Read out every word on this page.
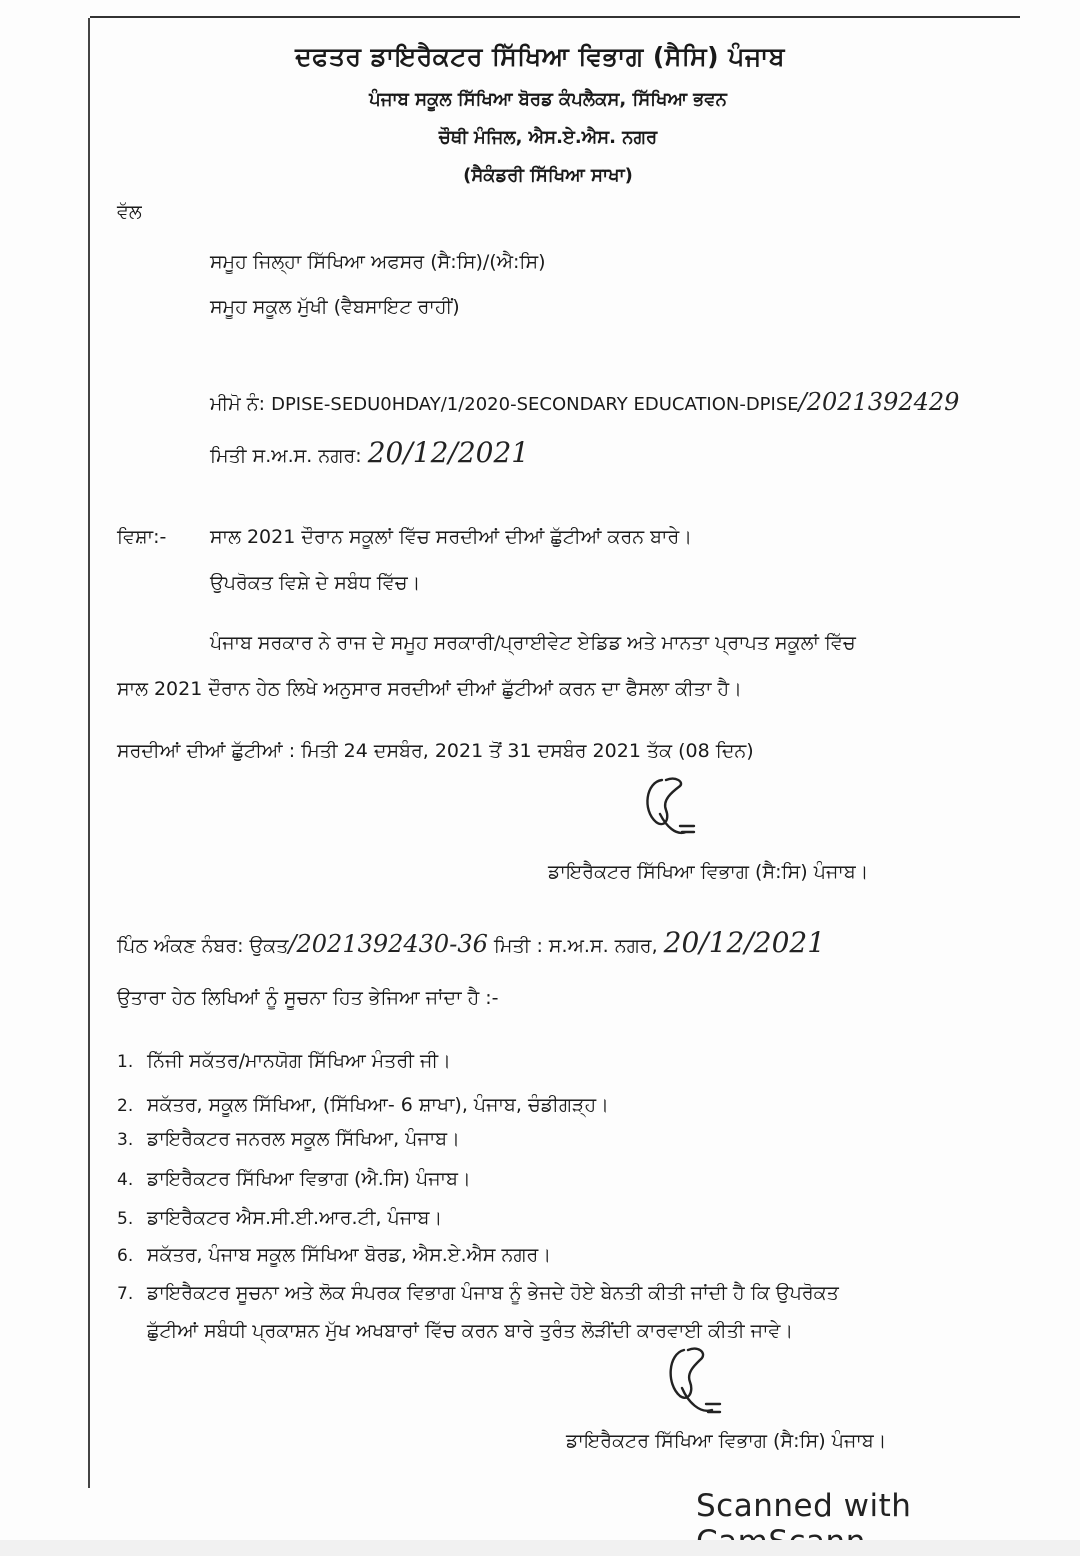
ਦਫਤਰ ਡਾਇਰੈਕਟਰ ਸਿੱਖਿਆ ਵਿਭਾਗ (ਸੈਸਿ) ਪੰਜਾਬ
ਪੰਜਾਬ ਸਕੂਲ ਸਿੱਖਿਆ ਬੋਰਡ ਕੰਪਲੈਕਸ, ਸਿੱਖਿਆ ਭਵਨ
ਚੌਥੀ ਮੰਜਿਲ, ਐਸ.ਏ.ਐਸ. ਨਗਰ
(ਸੈਕੰਡਰੀ ਸਿੱਖਿਆ ਸਾਖਾ)
ਵੱਲ
ਸਮੂਹ ਜਿਲ੍ਹਾ ਸਿੱਖਿਆ ਅਫਸਰ (ਸੈ:ਸਿ)/(ਐ:ਸਿ)
ਸਮੂਹ ਸਕੂਲ ਮੁੱਖੀ (ਵੈਬਸਾਇਟ ਰਾਹੀਂ)
ਮੀਮੋ ਨੰ: DPISE-SEDU0HDAY/1/2020-SECONDARY EDUCATION-DPISE/2021392429
ਮਿਤੀ ਸ.ਅ.ਸ. ਨਗਰ: 20/12/2021
ਵਿਸ਼ਾ:- ਸਾਲ 2021 ਦੌਰਾਨ ਸਕੂਲਾਂ ਵਿੱਚ ਸਰਦੀਆਂ ਦੀਆਂ ਛੁੱਟੀਆਂ ਕਰਨ ਬਾਰੇ।
ਉਪਰੋਕਤ ਵਿਸ਼ੇ ਦੇ ਸਬੰਧ ਵਿੱਚ।
ਪੰਜਾਬ ਸਰਕਾਰ ਨੇ ਰਾਜ ਦੇ ਸਮੂਹ ਸਰਕਾਰੀ/ਪ੍ਰਾਈਵੇਟ ਏਡਿਡ ਅਤੇ ਮਾਨਤਾ ਪ੍ਰਾਪਤ ਸਕੂਲਾਂ ਵਿੱਚ
ਸਾਲ 2021 ਦੌਰਾਨ ਹੇਠ ਲਿਖੇ ਅਨੁਸਾਰ ਸਰਦੀਆਂ ਦੀਆਂ ਛੁੱਟੀਆਂ ਕਰਨ ਦਾ ਫੈਸਲਾ ਕੀਤਾ ਹੈ।
ਸਰਦੀਆਂ ਦੀਆਂ ਛੁੱਟੀਆਂ : ਮਿਤੀ 24 ਦਸਬੰਰ, 2021 ਤੋਂ 31 ਦਸਬੰਰ 2021 ਤੱਕ (08 ਦਿਨ)
ਡਾਇਰੈਕਟਰ ਸਿੱਖਿਆ ਵਿਭਾਗ (ਸੈ:ਸਿ) ਪੰਜਾਬ।
ਪਿੰਠ ਅੰਕਣ ਨੰਬਰ: ਉਕਤ/2021392430-36 ਮਿਤੀ : ਸ.ਅ.ਸ. ਨਗਰ, 20/12/2021
ਉਤਾਰਾ ਹੇਠ ਲਿਖਿਆਂ ਨੂੰ ਸੂਚਨਾ ਹਿਤ ਭੇਜਿਆ ਜਾਂਦਾ ਹੈ :-
1. ਨਿੱਜੀ ਸਕੱਤਰ/ਮਾਨਯੋਗ ਸਿੱਖਿਆ ਮੰਤਰੀ ਜੀ।
2. ਸਕੱਤਰ, ਸਕੂਲ ਸਿੱਖਿਆ, (ਸਿੱਖਿਆ- 6 ਸ਼ਾਖਾ), ਪੰਜਾਬ, ਚੰਡੀਗੜ੍ਹ।
3. ਡਾਇਰੈਕਟਰ ਜਨਰਲ ਸਕੂਲ ਸਿੱਖਿਆ, ਪੰਜਾਬ।
4. ਡਾਇਰੈਕਟਰ ਸਿੱਖਿਆ ਵਿਭਾਗ (ਐ.ਸਿ) ਪੰਜਾਬ।
5. ਡਾਇਰੈਕਟਰ ਐਸ.ਸੀ.ਈ.ਆਰ.ਟੀ, ਪੰਜਾਬ।
6. ਸਕੱਤਰ, ਪੰਜਾਬ ਸਕੂਲ ਸਿੱਖਿਆ ਬੋਰਡ, ਐਸ.ਏ.ਐਸ ਨਗਰ।
7. ਡਾਇਰੈਕਟਰ ਸੂਚਨਾ ਅਤੇ ਲੋਕ ਸੰਪਰਕ ਵਿਭਾਗ ਪੰਜਾਬ ਨੂੰ ਭੇਜਦੇ ਹੋਏ ਬੇਨਤੀ ਕੀਤੀ ਜਾਂਦੀ ਹੈ ਕਿ ਉਪਰੋਕਤ
ਛੁੱਟੀਆਂ ਸਬੰਧੀ ਪ੍ਰਕਾਸ਼ਨ ਮੁੱਖ ਅਖਬਾਰਾਂ ਵਿੱਚ ਕਰਨ ਬਾਰੇ ਤੁਰੰਤ ਲੋੜੀਂਦੀ ਕਾਰਵਾਈ ਕੀਤੀ ਜਾਵੇ।
ਡਾਇਰੈਕਟਰ ਸਿੱਖਿਆ ਵਿਭਾਗ (ਸੈ:ਸਿ) ਪੰਜਾਬ।
Scanned with
